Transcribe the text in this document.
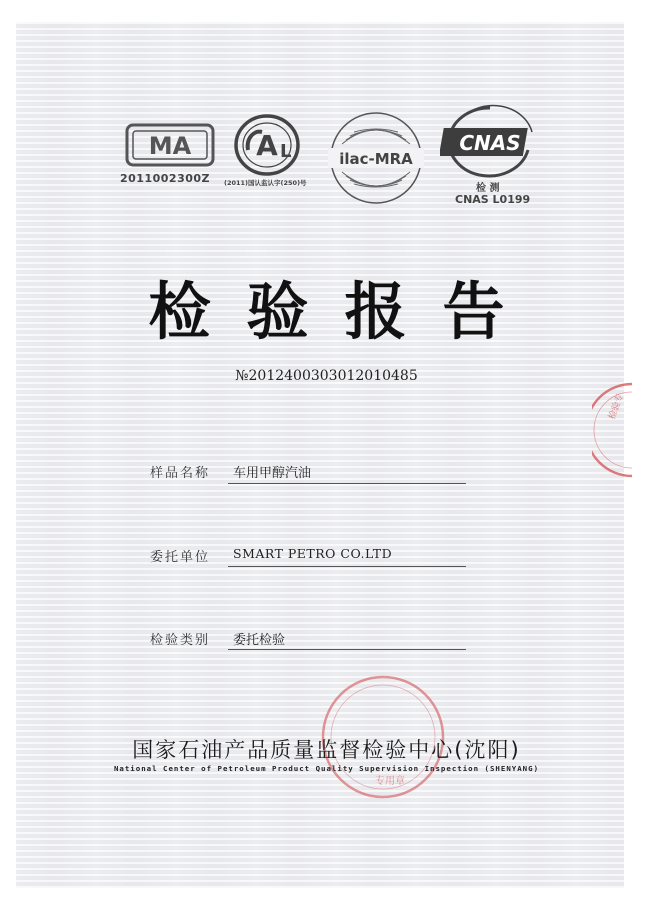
MA
2011002300Z
A L
(2011)国认监认字(250)号
ilac-MRA
CNAS
检 测
CNAS L0199
检验报告
№201240030301201048​5
样品名称 车用甲醇汽油
委托单位 SMART PETRO CO.LTD
检验类别 委托检验
专用章
检验专
国家石油产品质量监督检验中心(沈阳)
National Center of Petroleum Product Quality Supervision Inspection (SHENYANG)
